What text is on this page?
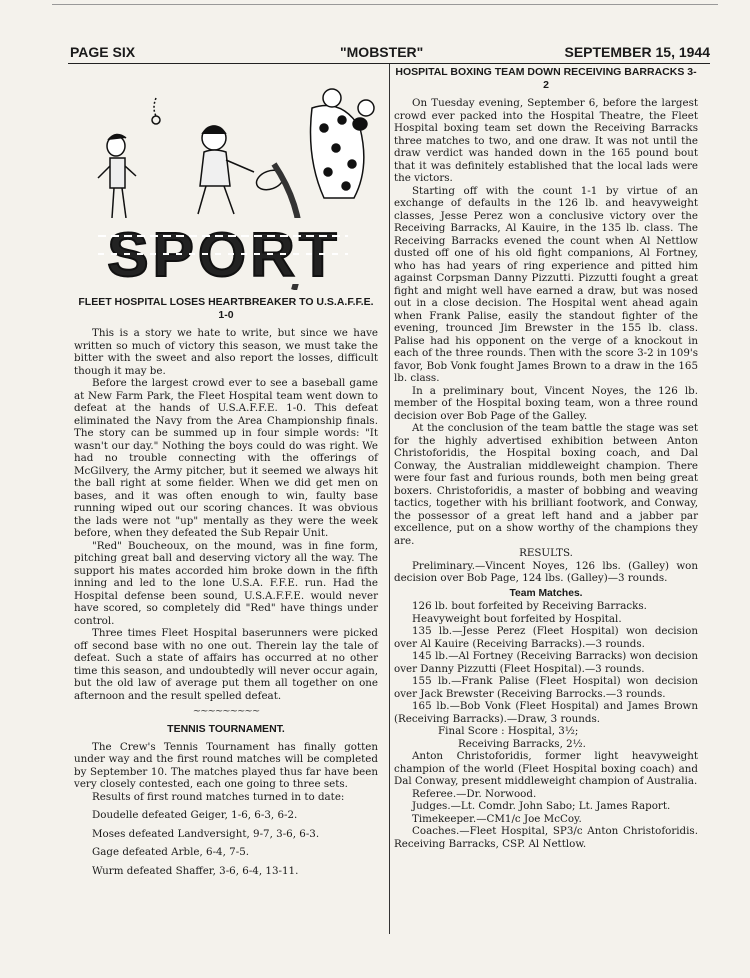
PAGE SIX	"MOBSTER"	SEPTEMBER 15, 1944
SPORT
FLEET HOSPITAL LOSES HEARTBREAKER TO U.S.A.F.F.E. 1-0

This is a story we hate to write, but since we have written so much of victory this season, we must take the bitter with the sweet and also report the losses, difficult though it may be.

Before the largest crowd ever to see a baseball game at New Farm Park, the Fleet Hospital team went down to defeat at the hands of U.S.A.F.F.E. 1-0. This defeat eliminated the Navy from the Area Championship finals. The story can be summed up in four simple words: "It wasn't our day." Nothing the boys could do was right. We had no trouble connecting with the offerings of McGilvery, the Army pitcher, but it seemed we always hit the ball right at some fielder. When we did get men on bases, and it was often enough to win, faulty base running wiped out our scoring chances. It was obvious the lads were not "up" mentally as they were the week before, when they defeated the Sub Repair Unit.

"Red" Boucheoux, on the mound, was in fine form, pitching great ball and deserving victory all the way. The support his mates accorded him broke down in the fifth inning and led to the lone U.S.A. F.F.E. run. Had the Hospital defense been sound, U.S.A.F.F.E. would never have scored, so completely did "Red" have things under control.

Three times Fleet Hospital baserunners were picked off second base with no one out. Therein lay the tale of defeat. Such a state of affairs has occurred at no other time this season, and undoubtedly will never occur again, but the old law of average put them all together on one afternoon and the result spelled defeat.

~~~~~~~~~
TENNIS TOURNAMENT.

The Crew's Tennis Tournament has finally gotten under way and the first round matches will be completed by September 10. The matches played thus far have been very closely contested, each one going to three sets.

Results of first round matches turned in to date:

Doudelle defeated Geiger, 1-6, 6-3, 6-2.

Moses defeated Landversight, 9-7, 3-6, 6-3.

Gage defeated Arble, 6-4, 7-5.

Wurm defeated Shaffer, 3-6, 6-4, 13-11.

HOSPITAL BOXING TEAM DOWN RECEIVING BARRACKS 3-2

On Tuesday evening, September 6, before the largest crowd ever packed into the Hospital Theatre, the Fleet Hospital boxing team set down the Receiving Barracks three matches to two, and one draw. It was not until the draw verdict was handed down in the 165 pound bout that it was definitely established that the local lads were the victors.

Starting off with the count 1-1 by virtue of an exchange of defaults in the 126 lb. and heavyweight classes, Jesse Perez won a conclusive victory over the Receiving Barracks, Al Kauire, in the 135 lb. class. The Receiving Barracks evened the count when Al Nettlow dusted off one of his old fight companions, Al Fortney, who has had years of ring experience and pitted him against Corpsman Danny Pizzutti. Pizzutti fought a great fight and might well have earned a draw, but was nosed out in a close decision. The Hospital went ahead again when Frank Palise, easily the standout fighter of the evening, trounced Jim Brewster in the 155 lb. class. Palise had his opponent on the verge of a knockout in each of the three rounds. Then with the score 3-2 in 109's favor, Bob Vonk fought James Brown to a draw in the 165 lb. class.

In a preliminary bout, Vincent Noyes, the 126 lb. member of the Hospital boxing team, won a three round decision over Bob Page of the Galley.

At the conclusion of the team battle the stage was set for the highly advertised exhibition between Anton Christoforidis, the Hospital boxing coach, and Dal Conway, the Australian middleweight champion. There were four fast and furious rounds, both men being great boxers. Christoforidis, a master of bobbing and weaving tactics, together with his brilliant footwork, and Conway, the possessor of a great left hand and a jabber par excellence, put on a show worthy of the champions they are.

RESULTS.

Preliminary.—Vincent Noyes, 126 lbs. (Galley) won decision over Bob Page, 124 lbs. (Galley)—3 rounds.

Team Matches.

126 lb. bout forfeited by Receiving Barracks.

Heavyweight bout forfeited by Hospital.

135 lb.—Jesse Perez (Fleet Hospital) won decision over Al Kauire (Receiving Barracks).—3 rounds.

145 lb.—Al Fortney (Receiving Barracks) won decision over Danny Pizzutti (Fleet Hospital).—3 rounds.

155 lb.—Frank Palise (Fleet Hospital) won decision over Jack Brewster (Receiving Barrocks.—3 rounds.

165 lb.—Bob Vonk (Fleet Hospital) and James Brown (Receiving Barracks).—Draw, 3 rounds.

Final Score : Hospital, 3½;

Receiving Barracks, 2½.

Anton Christoforidis, former light heavyweight champion of the world (Fleet Hospital boxing coach) and Dal Conway, present middleweight champion of Australia.

Referee.—Dr. Norwood.

Judges.—Lt. Comdr. John Sabo; Lt. James Raport.

Timekeeper.—CM1/c Joe McCoy.

Coaches.—Fleet Hospital, SP3/c Anton Christoforidis. Receiving Barracks, CSP. Al Nettlow.
